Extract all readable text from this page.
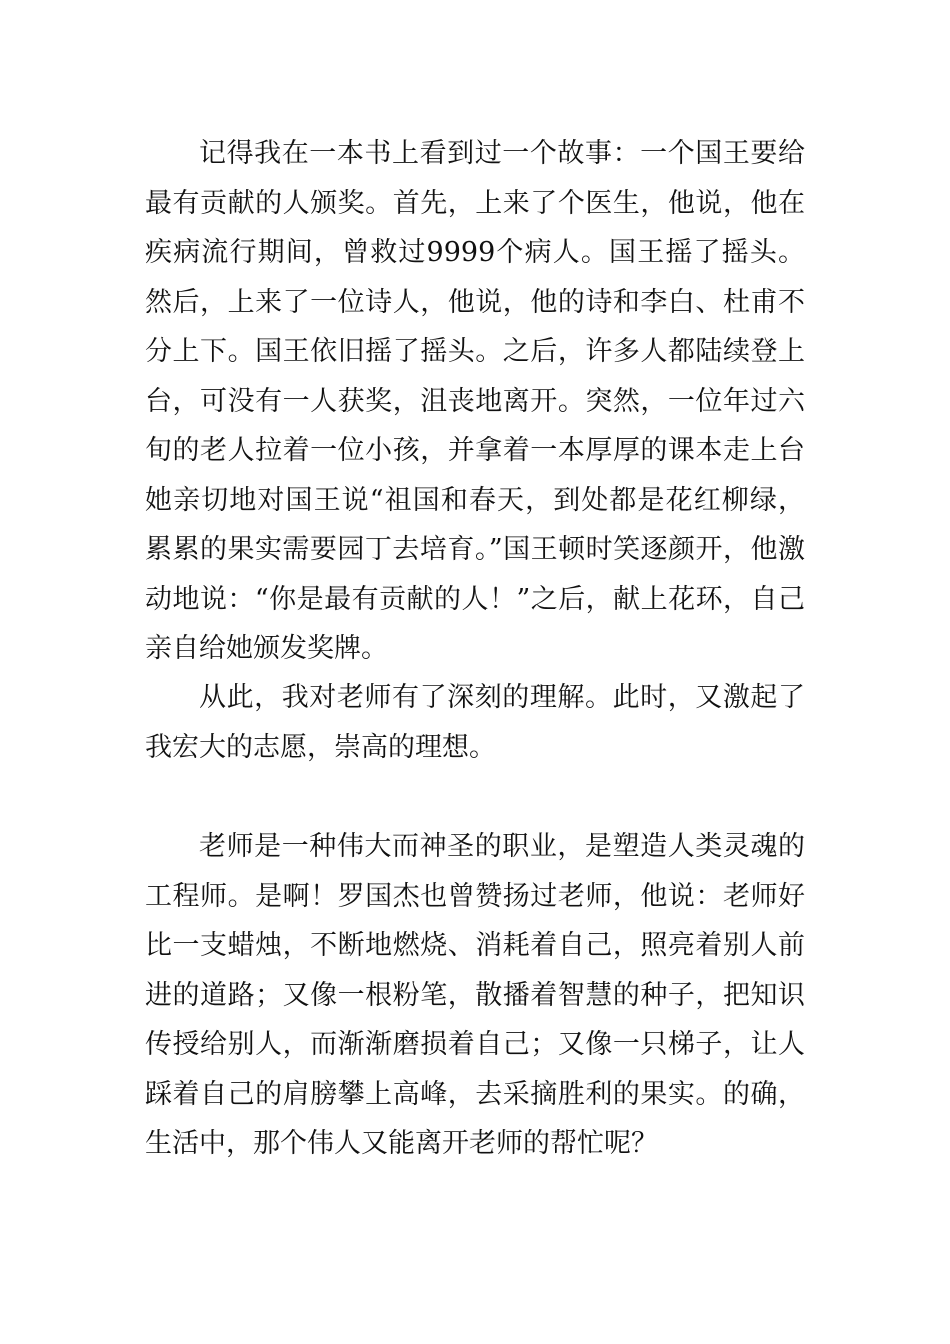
记得我在一本书上看到过一个故事：一个国王要给最有贡献的人颁奖。首先，上来了个医生，他说，他在疾病流行期间，曾救过9999个病人。国王摇了摇头。然后，上来了一位诗人，他说，他的诗和李白、杜甫不分上下。国王依旧摇了摇头。之后，许多人都陆续登上台，可没有一人获奖，沮丧地离开。突然，一位年过六旬的老人拉着一位小孩，并拿着一本厚厚的课本走上台她亲切地对国王说“祖国和春天，到处都是花红柳绿，累累的果实需要园丁去培育。”国王顿时笑逐颜开，他激动地说：“你是最有贡献的人！”之后，献上花环，自己亲自给她颁发奖牌。

从此，我对老师有了深刻的理解。此时，又激起了我宏大的志愿，崇高的理想。

老师是一种伟大而神圣的职业，是塑造人类灵魂的工程师。是啊！罗国杰也曾赞扬过老师，他说：老师好比一支蜡烛，不断地燃烧、消耗着自己，照亮着别人前进的道路；又像一根粉笔，散播着智慧的种子，把知识传授给别人，而渐渐磨损着自己；又像一只梯子，让人踩着自己的肩膀攀上高峰，去采摘胜利的果实。的确，生活中，那个伟人又能离开老师的帮忙呢？
